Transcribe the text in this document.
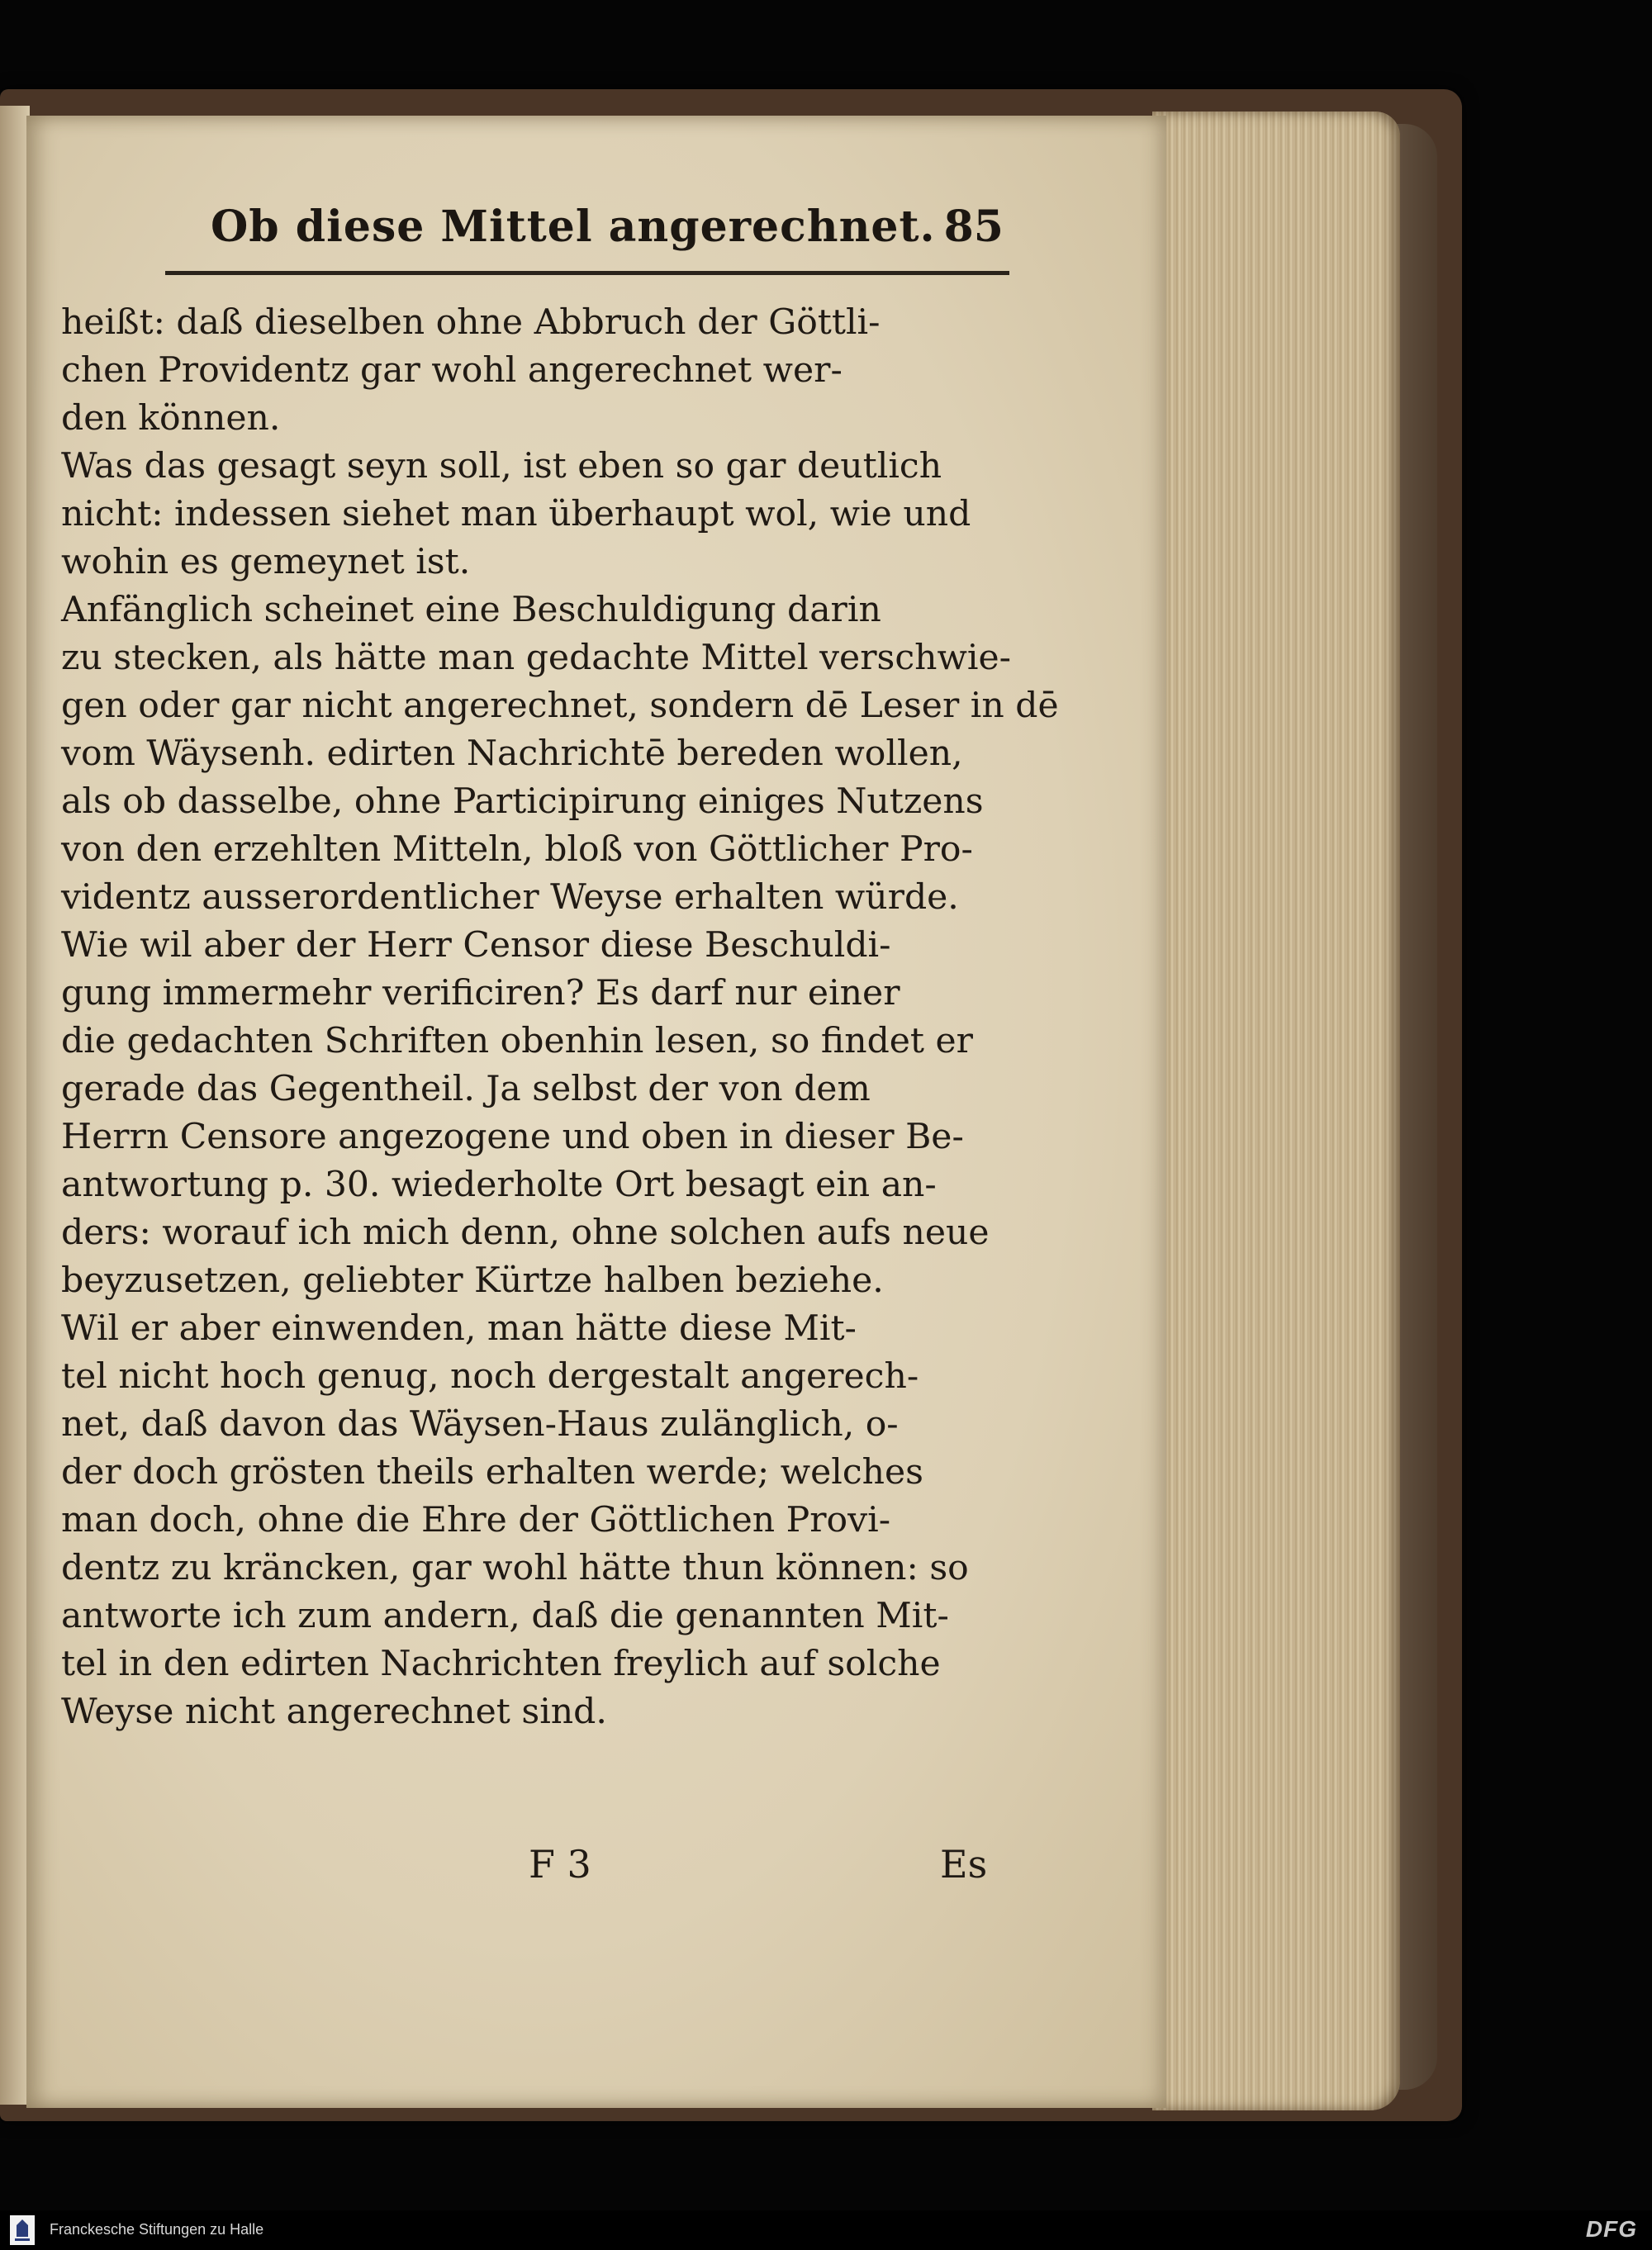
Ob diese Mittel angerechnet. 85
heißt: daß dieselben ohne Abbruch der Göttli-
chen Providentz gar wohl angerechnet wer-
den können.
Was das gesagt seyn soll, ist eben so gar deutlich
nicht: indessen siehet man überhaupt wol, wie und
wohin es gemeynet ist.
Anfänglich scheinet eine Beschuldigung darin
zu stecken, als hätte man gedachte Mittel verschwie-
gen oder gar nicht angerechnet, sondern dē Leser in dē
vom Wäysenh. edirten Nachrichtē bereden wollen,
als ob dasselbe, ohne Participirung einiges Nutzens
von den erzehlten Mitteln, bloß von Göttlicher Pro-
videntz ausserordentlicher Weyse erhalten würde.
Wie wil aber der Herr Censor diese Beschuldi-
gung immermehr verificiren? Es darf nur einer
die gedachten Schriften obenhin lesen, so findet er
gerade das Gegentheil. Ja selbst der von dem
Herrn Censore angezogene und oben in dieser Be-
antwortung p. 30. wiederholte Ort besagt ein an-
ders: worauf ich mich denn, ohne solchen aufs neue
beyzusetzen, geliebter Kürtze halben beziehe.
Wil er aber einwenden, man hätte diese Mit-
tel nicht hoch genug, noch dergestalt angerech-
net, daß davon das Wäysen-Haus zulänglich, o-
der doch grösten theils erhalten werde; welches
man doch, ohne die Ehre der Göttlichen Provi-
dentz zu kräncken, gar wohl hätte thun können: so
antworte ich zum andern, daß die genannten Mit-
tel in den edirten Nachrichten freylich auf solche
Weyse nicht angerechnet sind.
F 3	Es
Franckesche Stiftungen zu Halle	DFG
